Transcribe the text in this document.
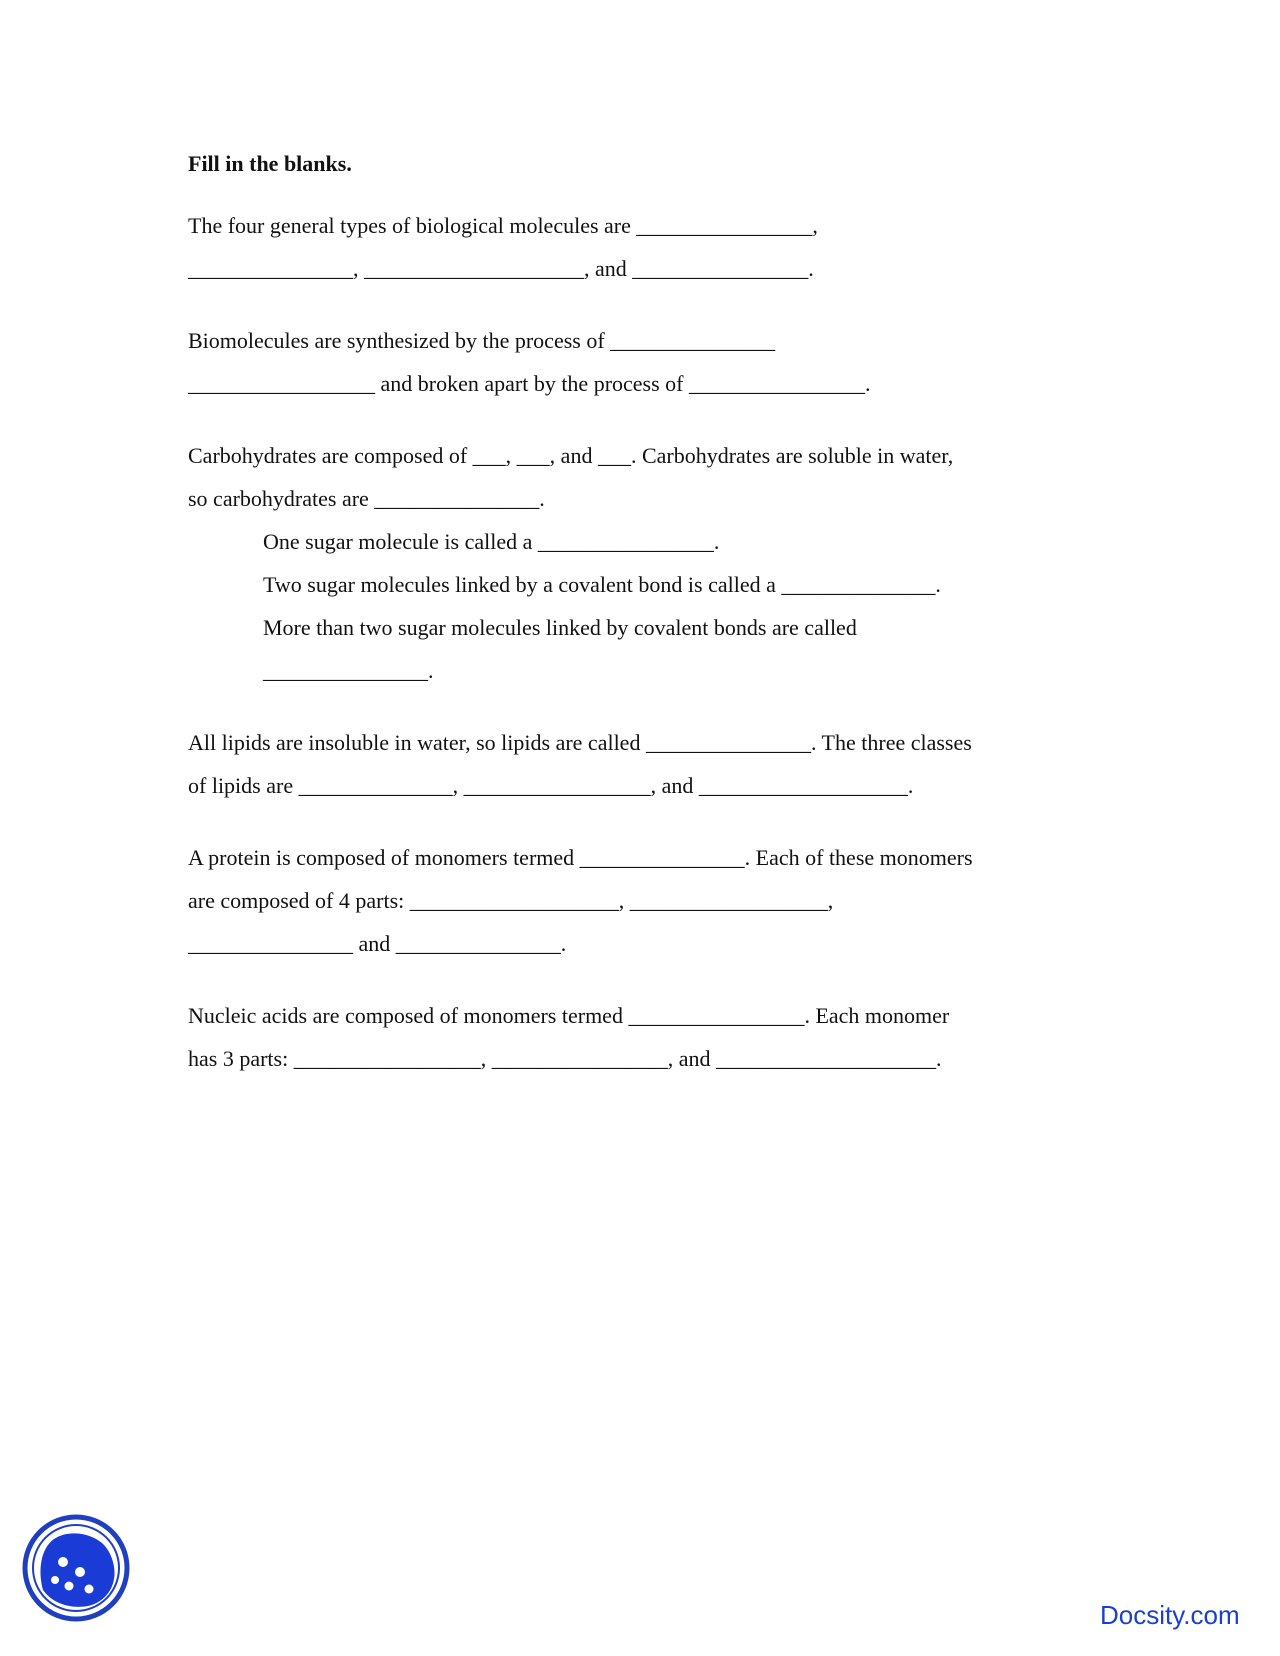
Fill in the blanks.
The four general types of biological molecules are ________________,
_______________, ____________________, and ________________.
Biomolecules are synthesized by the process of _______________
_________________ and broken apart by the process of ________________.
Carbohydrates are composed of ___, ___, and ___. Carbohydrates are soluble in water,
so carbohydrates are _______________.
One sugar molecule is called a ________________.
Two sugar molecules linked by a covalent bond is called a ______________.
More than two sugar molecules linked by covalent bonds are called
_______________.
All lipids are insoluble in water, so lipids are called _______________. The three classes
of lipids are ______________, _________________, and ___________________.
A protein is composed of monomers termed _______________. Each of these monomers
are composed of 4 parts: ___________________, __________________,
_______________ and _______________.
Nucleic acids are composed of monomers termed ________________. Each monomer
has 3 parts: _________________, ________________, and ____________________.
Docsity.com
